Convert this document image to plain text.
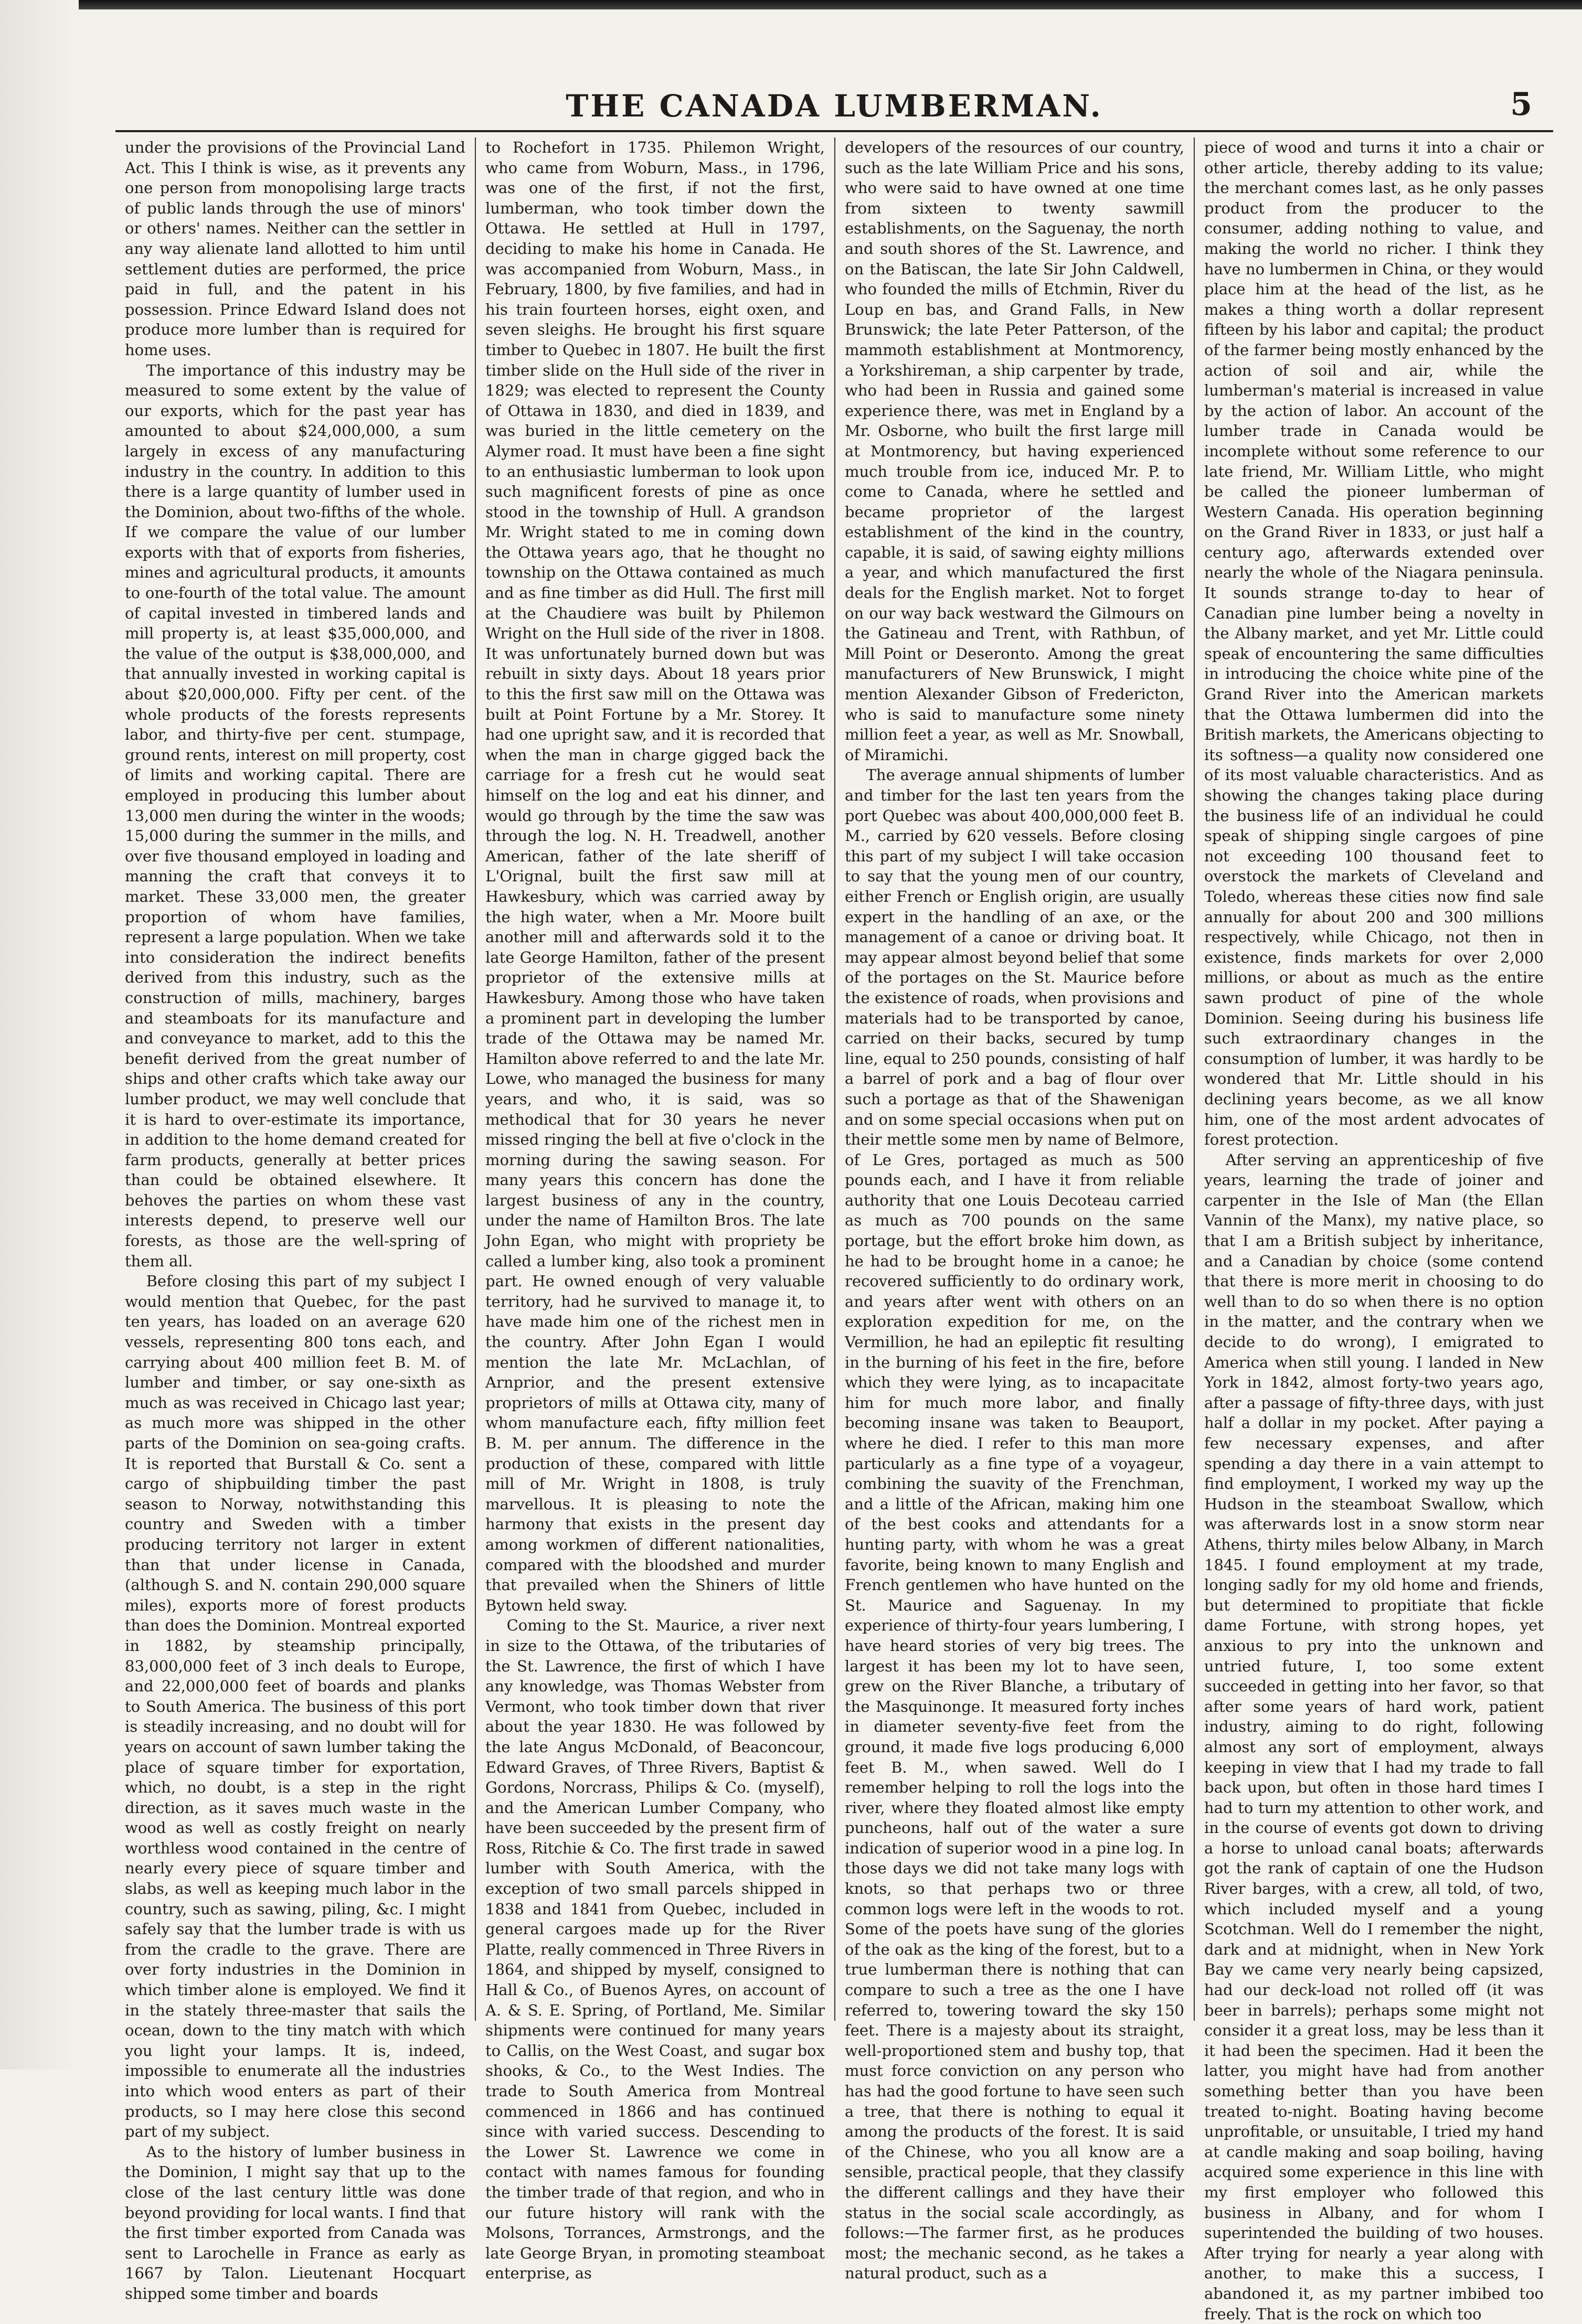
THE CANADA LUMBERMAN.	5

under the provisions of the Provincial Land Act. This I think is wise, as it prevents any one person from monopolising large tracts of public lands through the use of minors' or others' names. Neither can the settler in any way alienate land allotted to him until settlement duties are performed, the price paid in full, and the patent in his possession. Prince Edward Island does not produce more lumber than is required for home uses.

The importance of this industry may be measured to some extent by the value of our exports, which for the past year has amounted to about $24,000,000, a sum largely in excess of any manufacturing industry in the country. In addition to this there is a large quantity of lumber used in the Dominion, about two-fifths of the whole. If we compare the value of our lumber exports with that of exports from fisheries, mines and agricultural products, it amounts to one-fourth of the total value. The amount of capital invested in timbered lands and mill property is, at least $35,000,000, and the value of the output is $38,000,000, and that annually invested in working capital is about $20,000,000. Fifty per cent. of the whole products of the forests represents labor, and thirty-five per cent. stumpage, ground rents, interest on mill property, cost of limits and working capital. There are employed in producing this lumber about 13,000 men during the winter in the woods; 15,000 during the summer in the mills, and over five thousand employed in loading and manning the craft that conveys it to market. These 33,000 men, the greater proportion of whom have families, represent a large population. When we take into consideration the indirect benefits derived from this industry, such as the construction of mills, machinery, barges and steamboats for its manufacture and and conveyance to market, add to this the benefit derived from the great number of ships and other crafts which take away our lumber product, we may well conclude that it is hard to over-estimate its importance, in addition to the home demand created for farm products, generally at better prices than could be obtained elsewhere. It behoves the parties on whom these vast interests depend, to preserve well our forests, as those are the well-spring of them all.

Before closing this part of my subject I would mention that Quebec, for the past ten years, has loaded on an average 620 vessels, representing 800 tons each, and carrying about 400 million feet B. M. of lumber and timber, or say one-sixth as much as was received in Chicago last year; as much more was shipped in the other parts of the Dominion on sea-going crafts. It is reported that Burstall & Co. sent a cargo of shipbuilding timber the past season to Norway, notwithstanding this country and Sweden with a timber producing territory not larger in extent than that under license in Canada, (although S. and N. contain 290,000 square miles), exports more of forest products than does the Dominion. Montreal exported in 1882, by steamship principally, 83,000,000 feet of 3 inch deals to Europe, and 22,000,000 feet of boards and planks to South America. The business of this port is steadily increasing, and no doubt will for years on account of sawn lumber taking the place of square timber for exportation, which, no doubt, is a step in the right direction, as it saves much waste in the wood as well as costly freight on nearly worthless wood contained in the centre of nearly every piece of square timber and slabs, as well as keeping much labor in the country, such as sawing, piling, &c. I might safely say that the lumber trade is with us from the cradle to the grave. There are over forty industries in the Dominion in which timber alone is employed. We find it in the stately three-master that sails the ocean, down to the tiny match with which you light your lamps. It is, indeed, impossible to enumerate all the industries into which wood enters as part of their products, so I may here close this second part of my subject.

As to the history of lumber business in the Dominion, I might say that up to the close of the last century little was done beyond providing for local wants. I find that the first timber exported from Canada was sent to Larochelle in France as early as 1667 by Talon. Lieutenant Hocquart shipped some timber and boards

to Rochefort in 1735. Philemon Wright, who came from Woburn, Mass., in 1796, was one of the first, if not the first, lumberman, who took timber down the Ottawa. He settled at Hull in 1797, deciding to make his home in Canada. He was accompanied from Woburn, Mass., in February, 1800, by five families, and had in his train fourteen horses, eight oxen, and seven sleighs. He brought his first square timber to Quebec in 1807. He built the first timber slide on the Hull side of the river in 1829; was elected to represent the County of Ottawa in 1830, and died in 1839, and was buried in the little cemetery on the Alymer road. It must have been a fine sight to an enthusiastic lumberman to look upon such magnificent forests of pine as once stood in the township of Hull. A grandson Mr. Wright stated to me in coming down the Ottawa years ago, that he thought no township on the Ottawa contained as much and as fine timber as did Hull. The first mill at the Chaudiere was built by Philemon Wright on the Hull side of the river in 1808. It was unfortunately burned down but was rebuilt in sixty days. About 18 years prior to this the first saw mill on the Ottawa was built at Point Fortune by a Mr. Storey. It had one upright saw, and it is recorded that when the man in charge gigged back the carriage for a fresh cut he would seat himself on the log and eat his dinner, and would go through by the time the saw was through the log. N. H. Treadwell, another American, father of the late sheriff of L'Orignal, built the first saw mill at Hawkesbury, which was carried away by the high water, when a Mr. Moore built another mill and afterwards sold it to the late George Hamilton, father of the present proprietor of the extensive mills at Hawkesbury. Among those who have taken a prominent part in developing the lumber trade of the Ottawa may be named Mr. Hamilton above referred to and the late Mr. Lowe, who managed the business for many years, and who, it is said, was so methodical that for 30 years he never missed ringing the bell at five o'clock in the morning during the sawing season. For many years this concern has done the largest business of any in the country, under the name of Hamilton Bros. The late John Egan, who might with propriety be called a lumber king, also took a prominent part. He owned enough of very valuable territory, had he survived to manage it, to have made him one of the richest men in the country. After John Egan I would mention the late Mr. McLachlan, of Arnprior, and the present extensive proprietors of mills at Ottawa city, many of whom manufacture each, fifty million feet B. M. per annum. The difference in the production of these, compared with little mill of Mr. Wright in 1808, is truly marvellous. It is pleasing to note the harmony that exists in the present day among workmen of different nationalities, compared with the bloodshed and murder that prevailed when the Shiners of little Bytown held sway.

Coming to the St. Maurice, a river next in size to the Ottawa, of the tributaries of the St. Lawrence, the first of which I have any knowledge, was Thomas Webster from Vermont, who took timber down that river about the year 1830. He was followed by the late Angus McDonald, of Beaconcour, Edward Graves, of Three Rivers, Baptist & Gordons, Norcrass, Philips & Co. (myself), and the American Lumber Company, who have been succeeded by the present firm of Ross, Ritchie & Co. The first trade in sawed lumber with South America, with the exception of two small parcels shipped in 1838 and 1841 from Quebec, included in general cargoes made up for the River Platte, really commenced in Three Rivers in 1864, and shipped by myself, consigned to Hall & Co., of Buenos Ayres, on account of A. & S. E. Spring, of Portland, Me. Similar shipments were continued for many years to Callis, on the West Coast, and sugar box shooks, & Co., to the West Indies. The trade to South America from Montreal commenced in 1866 and has continued since with varied success. Descending to the Lower St. Lawrence we come in contact with names famous for founding the timber trade of that region, and who in our future history will rank with the Molsons, Torrances, Armstrongs, and the late George Bryan, in promoting steamboat enterprise, as

developers of the resources of our country, such as the late William Price and his sons, who were said to have owned at one time from sixteen to twenty sawmill establishments, on the Saguenay, the north and south shores of the St. Lawrence, and on the Batiscan, the late Sir John Caldwell, who founded the mills of Etchmin, River du Loup en bas, and Grand Falls, in New Brunswick; the late Peter Patterson, of the mammoth establishment at Montmorency, a Yorkshireman, a ship carpenter by trade, who had been in Russia and gained some experience there, was met in England by a Mr. Osborne, who built the first large mill at Montmorency, but having experienced much trouble from ice, induced Mr. P. to come to Canada, where he settled and became proprietor of the largest establishment of the kind in the country, capable, it is said, of sawing eighty millions a year, and which manufactured the first deals for the English market. Not to forget on our way back westward the Gilmours on the Gatineau and Trent, with Rathbun, of Mill Point or Deseronto. Among the great manufacturers of New Brunswick, I might mention Alexander Gibson of Fredericton, who is said to manufacture some ninety million feet a year, as well as Mr. Snowball, of Miramichi.

The average annual shipments of lumber and timber for the last ten years from the port Quebec was about 400,000,000 feet B. M., carried by 620 vessels. Before closing this part of my subject I will take occasion to say that the young men of our country, either French or English origin, are usually expert in the handling of an axe, or the management of a canoe or driving boat. It may appear almost beyond belief that some of the portages on the St. Maurice before the existence of roads, when provisions and materials had to be transported by canoe, carried on their backs, secured by tump line, equal to 250 pounds, consisting of half a barrel of pork and a bag of flour over such a portage as that of the Shawenigan and on some special occasions when put on their mettle some men by name of Belmore, of Le Gres, portaged as much as 500 pounds each, and I have it from reliable authority that one Louis Decoteau carried as much as 700 pounds on the same portage, but the effort broke him down, as he had to be brought home in a canoe; he recovered sufficiently to do ordinary work, and years after went with others on an exploration expedition for me, on the Vermillion, he had an epileptic fit resulting in the burning of his feet in the fire, before which they were lying, as to incapacitate him for much more labor, and finally becoming insane was taken to Beauport, where he died. I refer to this man more particularly as a fine type of a voyageur, combining the suavity of the Frenchman, and a little of the African, making him one of the best cooks and attendants for a hunting party, with whom he was a great favorite, being known to many English and French gentlemen who have hunted on the St. Maurice and Saguenay. In my experience of thirty-four years lumbering, I have heard stories of very big trees. The largest it has been my lot to have seen, grew on the River Blanche, a tributary of the Masquinonge. It measured forty inches in diameter seventy-five feet from the ground, it made five logs producing 6,000 feet B. M., when sawed. Well do I remember helping to roll the logs into the river, where they floated almost like empty puncheons, half out of the water a sure indication of superior wood in a pine log. In those days we did not take many logs with knots, so that perhaps two or three common logs were left in the woods to rot. Some of the poets have sung of the glories of the oak as the king of the forest, but to a true lumberman there is nothing that can compare to such a tree as the one I have referred to, towering toward the sky 150 feet. There is a majesty about its straight, well-proportioned stem and bushy top, that must force conviction on any person who has had the good fortune to have seen such a tree, that there is nothing to equal it among the products of the forest. It is said of the Chinese, who you all know are a sensible, practical people, that they classify the different callings and they have their status in the social scale accordingly, as follows:—The farmer first, as he produces most; the mechanic second, as he takes a natural product, such as a

piece of wood and turns it into a chair or other article, thereby adding to its value; the merchant comes last, as he only passes product from the producer to the consumer, adding nothing to value, and making the world no richer. I think they have no lumbermen in China, or they would place him at the head of the list, as he makes a thing worth a dollar represent fifteen by his labor and capital; the product of the farmer being mostly enhanced by the action of soil and air, while the lumberman's material is increased in value by the action of labor. An account of the lumber trade in Canada would be incomplete without some reference to our late friend, Mr. William Little, who might be called the pioneer lumberman of Western Canada. His operation beginning on the Grand River in 1833, or just half a century ago, afterwards extended over nearly the whole of the Niagara peninsula. It sounds strange to-day to hear of Canadian pine lumber being a novelty in the Albany market, and yet Mr. Little could speak of encountering the same difficulties in introducing the choice white pine of the Grand River into the American markets that the Ottawa lumbermen did into the British markets, the Americans objecting to its softness—a quality now considered one of its most valuable characteristics. And as showing the changes taking place during the business life of an individual he could speak of shipping single cargoes of pine not exceeding 100 thousand feet to overstock the markets of Cleveland and Toledo, whereas these cities now find sale annually for about 200 and 300 millions respectively, while Chicago, not then in existence, finds markets for over 2,000 millions, or about as much as the entire sawn product of pine of the whole Dominion. Seeing during his business life such extraordinary changes in the consumption of lumber, it was hardly to be wondered that Mr. Little should in his declining years become, as we all know him, one of the most ardent advocates of forest protection.

After serving an apprenticeship of five years, learning the trade of joiner and carpenter in the Isle of Man (the Ellan Vannin of the Manx), my native place, so that I am a British subject by inheritance, and a Canadian by choice (some contend that there is more merit in choosing to do well than to do so when there is no option in the matter, and the contrary when we decide to do wrong), I emigrated to America when still young. I landed in New York in 1842, almost forty-two years ago, after a passage of fifty-three days, with just half a dollar in my pocket. After paying a few necessary expenses, and after spending a day there in a vain attempt to find employment, I worked my way up the Hudson in the steamboat Swallow, which was afterwards lost in a snow storm near Athens, thirty miles below Albany, in March 1845. I found employment at my trade, longing sadly for my old home and friends, but determined to propitiate that fickle dame Fortune, with strong hopes, yet anxious to pry into the unknown and untried future, I, too some extent succeeded in getting into her favor, so that after some years of hard work, patient industry, aiming to do right, following almost any sort of employment, always keeping in view that I had my trade to fall back upon, but often in those hard times I had to turn my attention to other work, and in the course of events got down to driving a horse to unload canal boats; afterwards got the rank of captain of one the Hudson River barges, with a crew, all told, of two, which included myself and a young Scotchman. Well do I remember the night, dark and at midnight, when in New York Bay we came very nearly being capsized, had our deck-load not rolled off (it was beer in barrels); perhaps some might not consider it a great loss, may be less than it it had been the specimen. Had it been the latter, you might have had from another something better than you have been treated to-night. Boating having become unprofitable, or unsuitable, I tried my hand at candle making and soap boiling, having acquired some experience in this line with my first employer who followed this business in Albany, and for whom I superintended the building of two houses. After trying for nearly a year along with another, to make this a success, I abandoned it, as my partner imbibed too freely. That is the rock on which too
